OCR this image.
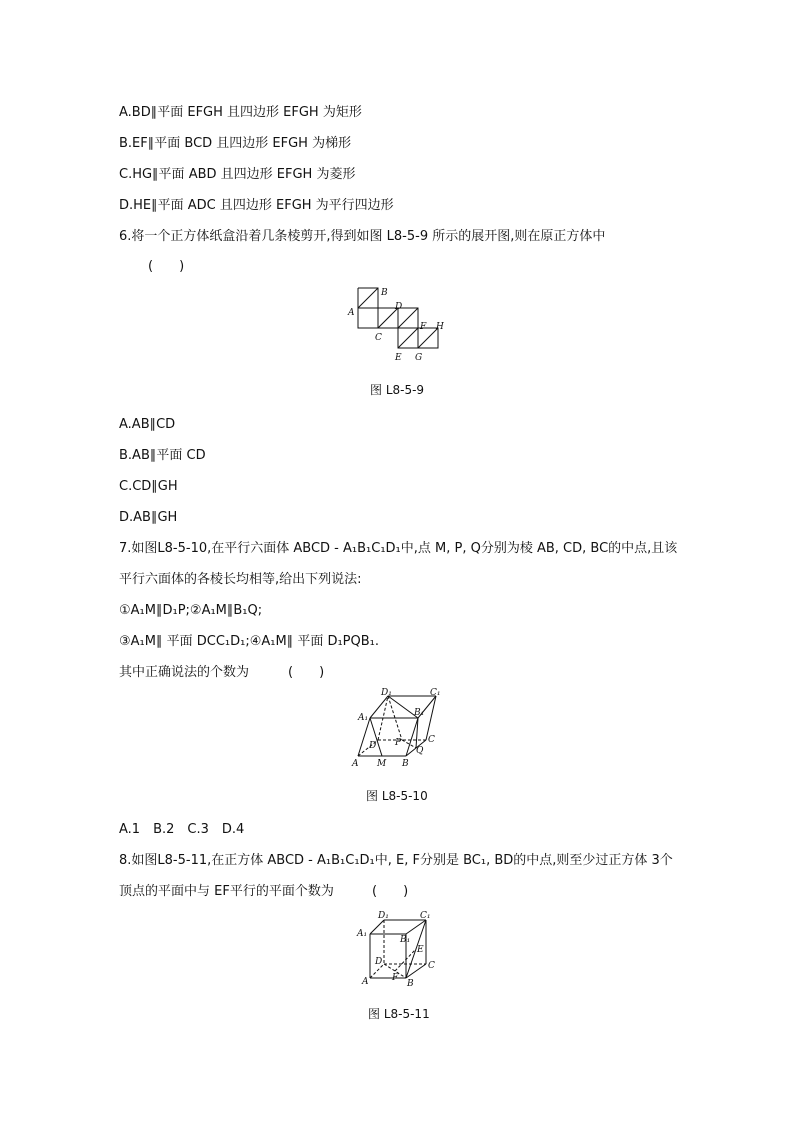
A.BD∥平面 EFGH 且四边形 EFGH 为矩形
B.EF∥平面 BCD 且四边形 EFGH 为梯形
C.HG∥平面 ABD 且四边形 EFGH 为菱形
D.HE∥平面 ADC 且四边形 EFGH 为平行四边形
6.将一个正方体纸盒沿着几条棱剪开,得到如图 L8-5-9 所示的展开图,则在原正方体中
(　　)
B
A
D
C
F H
E G
图 L8-5-9
A.AB∥CD
B.AB∥平面 CD
C.CD∥GH
D.AB∥GH
7.如图L8-5-10,在平行六面体 ABCD - A₁B₁C₁D₁中,点 M, P, Q分别为棱 AB, CD, BC的中点,且该
平行六面体的各棱长均相等,给出下列说法:
①A₁M∥D₁P;②A₁M∥B₁Q;
③A₁M∥ 平面 DCC₁D₁;④A₁M∥ 平面 D₁PQB₁.
其中正确说法的个数为	(　　)
D₁	C₁
A₁	B₁
D P	C
Q
A M B
图 L8-5-10
A.1　B.2　C.3　D.4
8.如图L8-5-11,在正方体 ABCD - A₁B₁C₁D₁中, E, F分别是 BC₁, BD的中点,则至少过正方体 3个
顶点的平面中与 EF平行的平面个数为	(　　)
D₁	C₁
A₁
B₁
E
D	C
A	F
B
图 L8-5-11
